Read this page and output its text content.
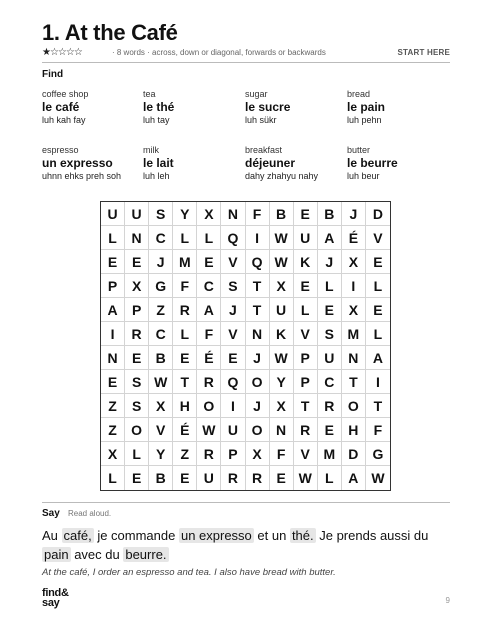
1. At the Café
★☆☆☆☆	· 8 words · across, down or diagonal, forwards or backwards	START HERE
Find
coffee shop
le café
luh kah fay
tea
le thé
luh tay
sugar
le sucre
luh sükr
bread
le pain
luh pehn
espresso
un expresso
uhnn ehks preh soh
milk
le lait
luh leh
breakfast
déjeuner
dahy zhahyu nahy
butter
le beurre
luh beur
U U	S	Y	X	N	F	B	E	B	J	D
L	N C	L	L	Q	I	W U A	É	V
E	E	J	M E	V Q W K	J	X	E
P	X G	F	C	S	T	X	E	L	I	L
A	P	Z	R A	J	T	U	L	E	X	E
I	R C	L	F	V	N K	V	S M	L
N	E	B	E	É	E	J W P	U N	A
E	S W T	R Q O Y	P	C	T	I
Z	S	X	H O	I	J	X	T	R O	T
Z	O V	É W U O N R	E	H	F
X	L	Y	Z	R	P	X	F	V M D	G
L	E	B	E	U R R	E W L	A W
Say Read aloud.
Au café, je commande un expresso et un thé. Je prends aussi du pain avec du beurre.
At the café, I order an espresso and tea. I also have bread with butter.
find&
say	9
